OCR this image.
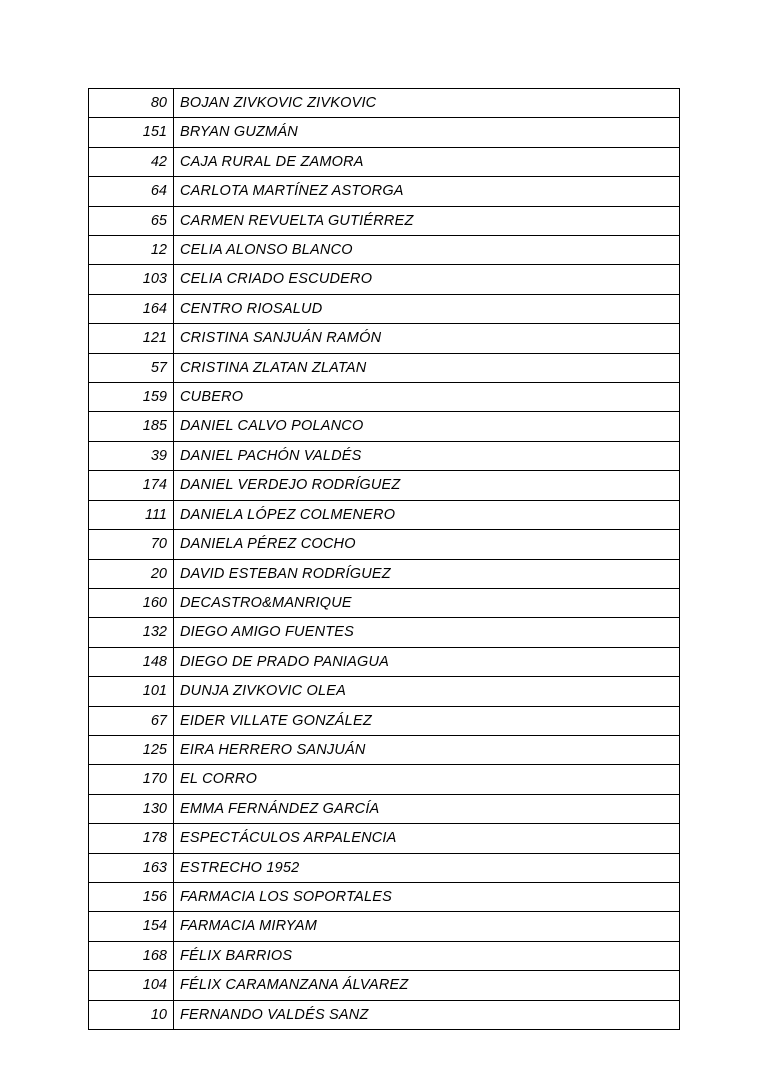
80	BOJAN ZIVKOVIC ZIVKOVIC
151	BRYAN GUZMÁN
42	CAJA RURAL DE ZAMORA
64	CARLOTA MARTÍNEZ ASTORGA
65	CARMEN REVUELTA GUTIÉRREZ
12	CELIA ALONSO BLANCO
103	CELIA CRIADO ESCUDERO
164	CENTRO RIOSALUD
121	CRISTINA SANJUÁN RAMÓN
57	CRISTINA ZLATAN ZLATAN
159	CUBERO
185	DANIEL CALVO POLANCO
39	DANIEL PACHÓN VALDÉS
174	DANIEL VERDEJO RODRÍGUEZ
111	DANIELA LÓPEZ COLMENERO
70	DANIELA PÉREZ COCHO
20	DAVID ESTEBAN RODRÍGUEZ
160	DECASTRO&MANRIQUE
132	DIEGO AMIGO FUENTES
148	DIEGO DE PRADO PANIAGUA
101	DUNJA ZIVKOVIC OLEA
67	EIDER VILLATE GONZÁLEZ
125	EIRA HERRERO SANJUÁN
170	EL CORRO
130	EMMA FERNÁNDEZ GARCÍA
178	ESPECTÁCULOS ARPALENCIA
163	ESTRECHO 1952
156	FARMACIA LOS SOPORTALES
154	FARMACIA MIRYAM
168	FÉLIX BARRIOS
104	FÉLIX CARAMANZANA ÁLVAREZ
10	FERNANDO VALDÉS SANZ
